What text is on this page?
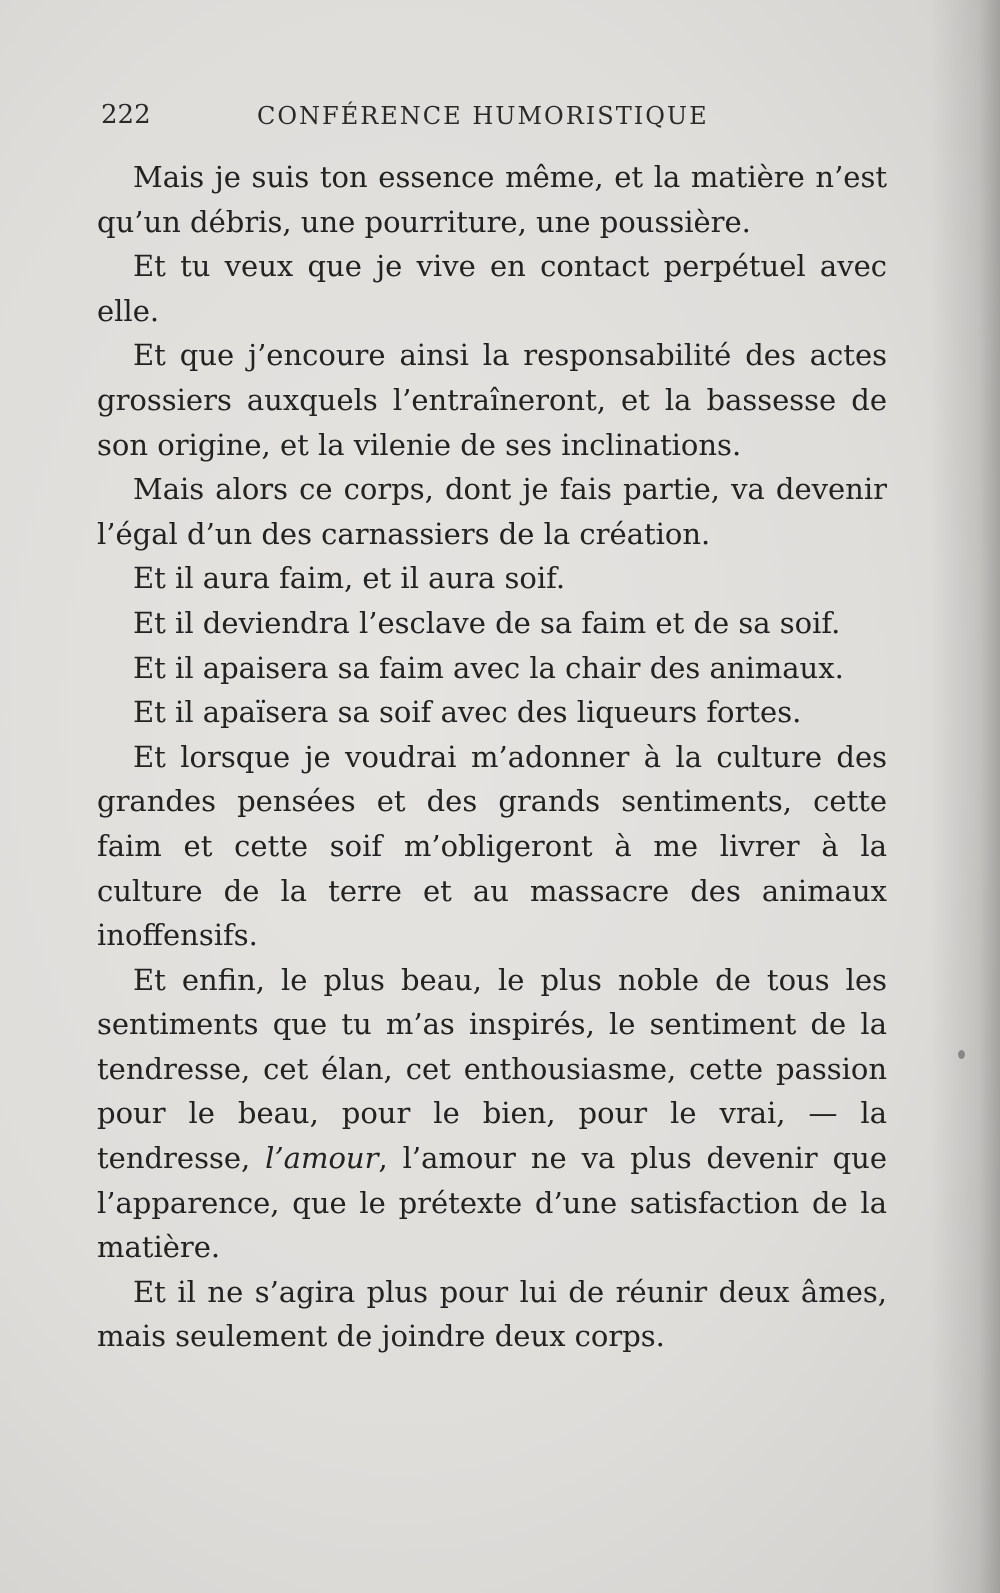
222	CONFÉRENCE HUMORISTIQUE

Mais je suis ton essence même, et la matière n’est qu’un débris, une pourriture, une poussière.

Et tu veux que je vive en contact perpétuel avec elle.

Et que j’encoure ainsi la responsabilité des actes grossiers auxquels l’entraîneront, et la bassesse de son origine, et la vilenie de ses inclinations.

Mais alors ce corps, dont je fais partie, va devenir l’égal d’un des carnassiers de la création.

Et il aura faim, et il aura soif.

Et il deviendra l’esclave de sa faim et de sa soif.

Et il apaisera sa faim avec la chair des animaux.

Et il apaïsera sa soif avec des liqueurs fortes.

Et lorsque je voudrai m’adonner à la culture des grandes pensées et des grands sentiments, cette faim et cette soif m’obligeront à me livrer à la culture de la terre et au massacre des animaux inoffensifs.

Et enfin, le plus beau, le plus noble de tous les sentiments que tu m’as inspirés, le sentiment de la tendresse, cet élan, cet enthousiasme, cette passion pour le beau, pour le bien, pour le vrai, — la tendresse, l’amour, l’amour ne va plus devenir que l’apparence, que le prétexte d’une satisfaction de la matière.

Et il ne s’agira plus pour lui de réunir deux âmes, mais seulement de joindre deux corps.
